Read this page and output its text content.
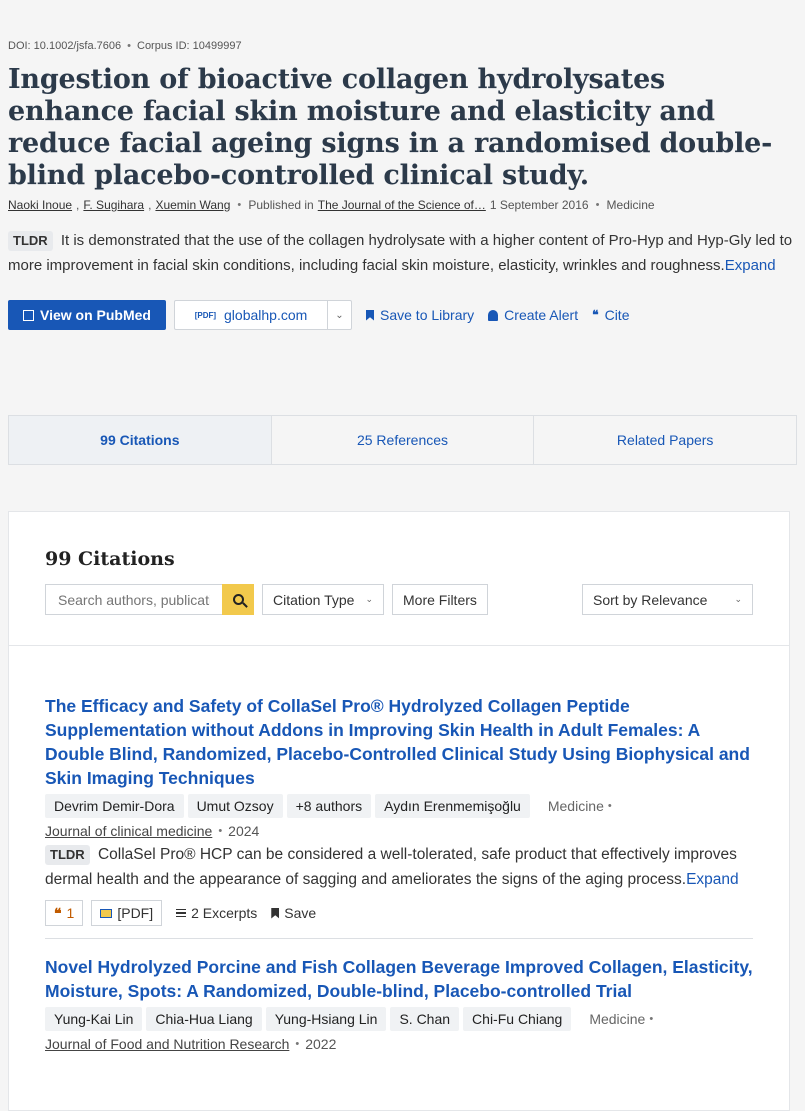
DOI: 10.1002/jsfa.7606 • Corpus ID: 10499997
Ingestion of bioactive collagen hydrolysates enhance facial skin moisture and elasticity and reduce facial ageing signs in a randomised double-blind placebo-controlled clinical study.
Naoki Inoue , F. Sugihara , Xuemin Wang • Published in The Journal of the Science of… 1 September 2016 • Medicine
TLDR It is demonstrated that the use of the collagen hydrolysate with a higher content of Pro-Hyp and Hyp-Gly led to more improvement in facial skin conditions, including facial skin moisture, elasticity, wrinkles and roughness.Expand
View on PubMed	[PDF] globalhp.com	⌄	Save to Library Create Alert ❝ Cite
99 Citations	25 References	Related Papers
99 Citations
Search authors, publications
Citation Type ⌄ More Filters	Sort by Relevance	⌄
The Efficacy and Safety of CollaSel Pro® Hydrolyzed Collagen Peptide Supplementation without Addons in Improving Skin Health in Adult Females: A Double Blind, Randomized, Placebo-Controlled Clinical Study Using Biophysical and Skin Imaging Techniques
Devrim Demir-Dora	Umut Ozsoy	+8 authors	Aydın Erenmemişoğlu	Medicine •
Journal of clinical medicine • 2024
TLDR CollaSel Pro® HCP can be considered a well-tolerated, safe product that effectively improves dermal health and the appearance of sagging and ameliorates the signs of the aging process.Expand
❝ 1	[PDF]	2 Excerpts Save
Novel Hydrolyzed Porcine and Fish Collagen Beverage Improved Collagen, Elasticity, Moisture, Spots: A Randomized, Double-blind, Placebo-controlled Trial
Yung-Kai Lin	Chia-Hua Liang	Yung-Hsiang Lin	S. Chan	Chi-Fu Chiang	Medicine •
Journal of Food and Nutrition Research • 2022
